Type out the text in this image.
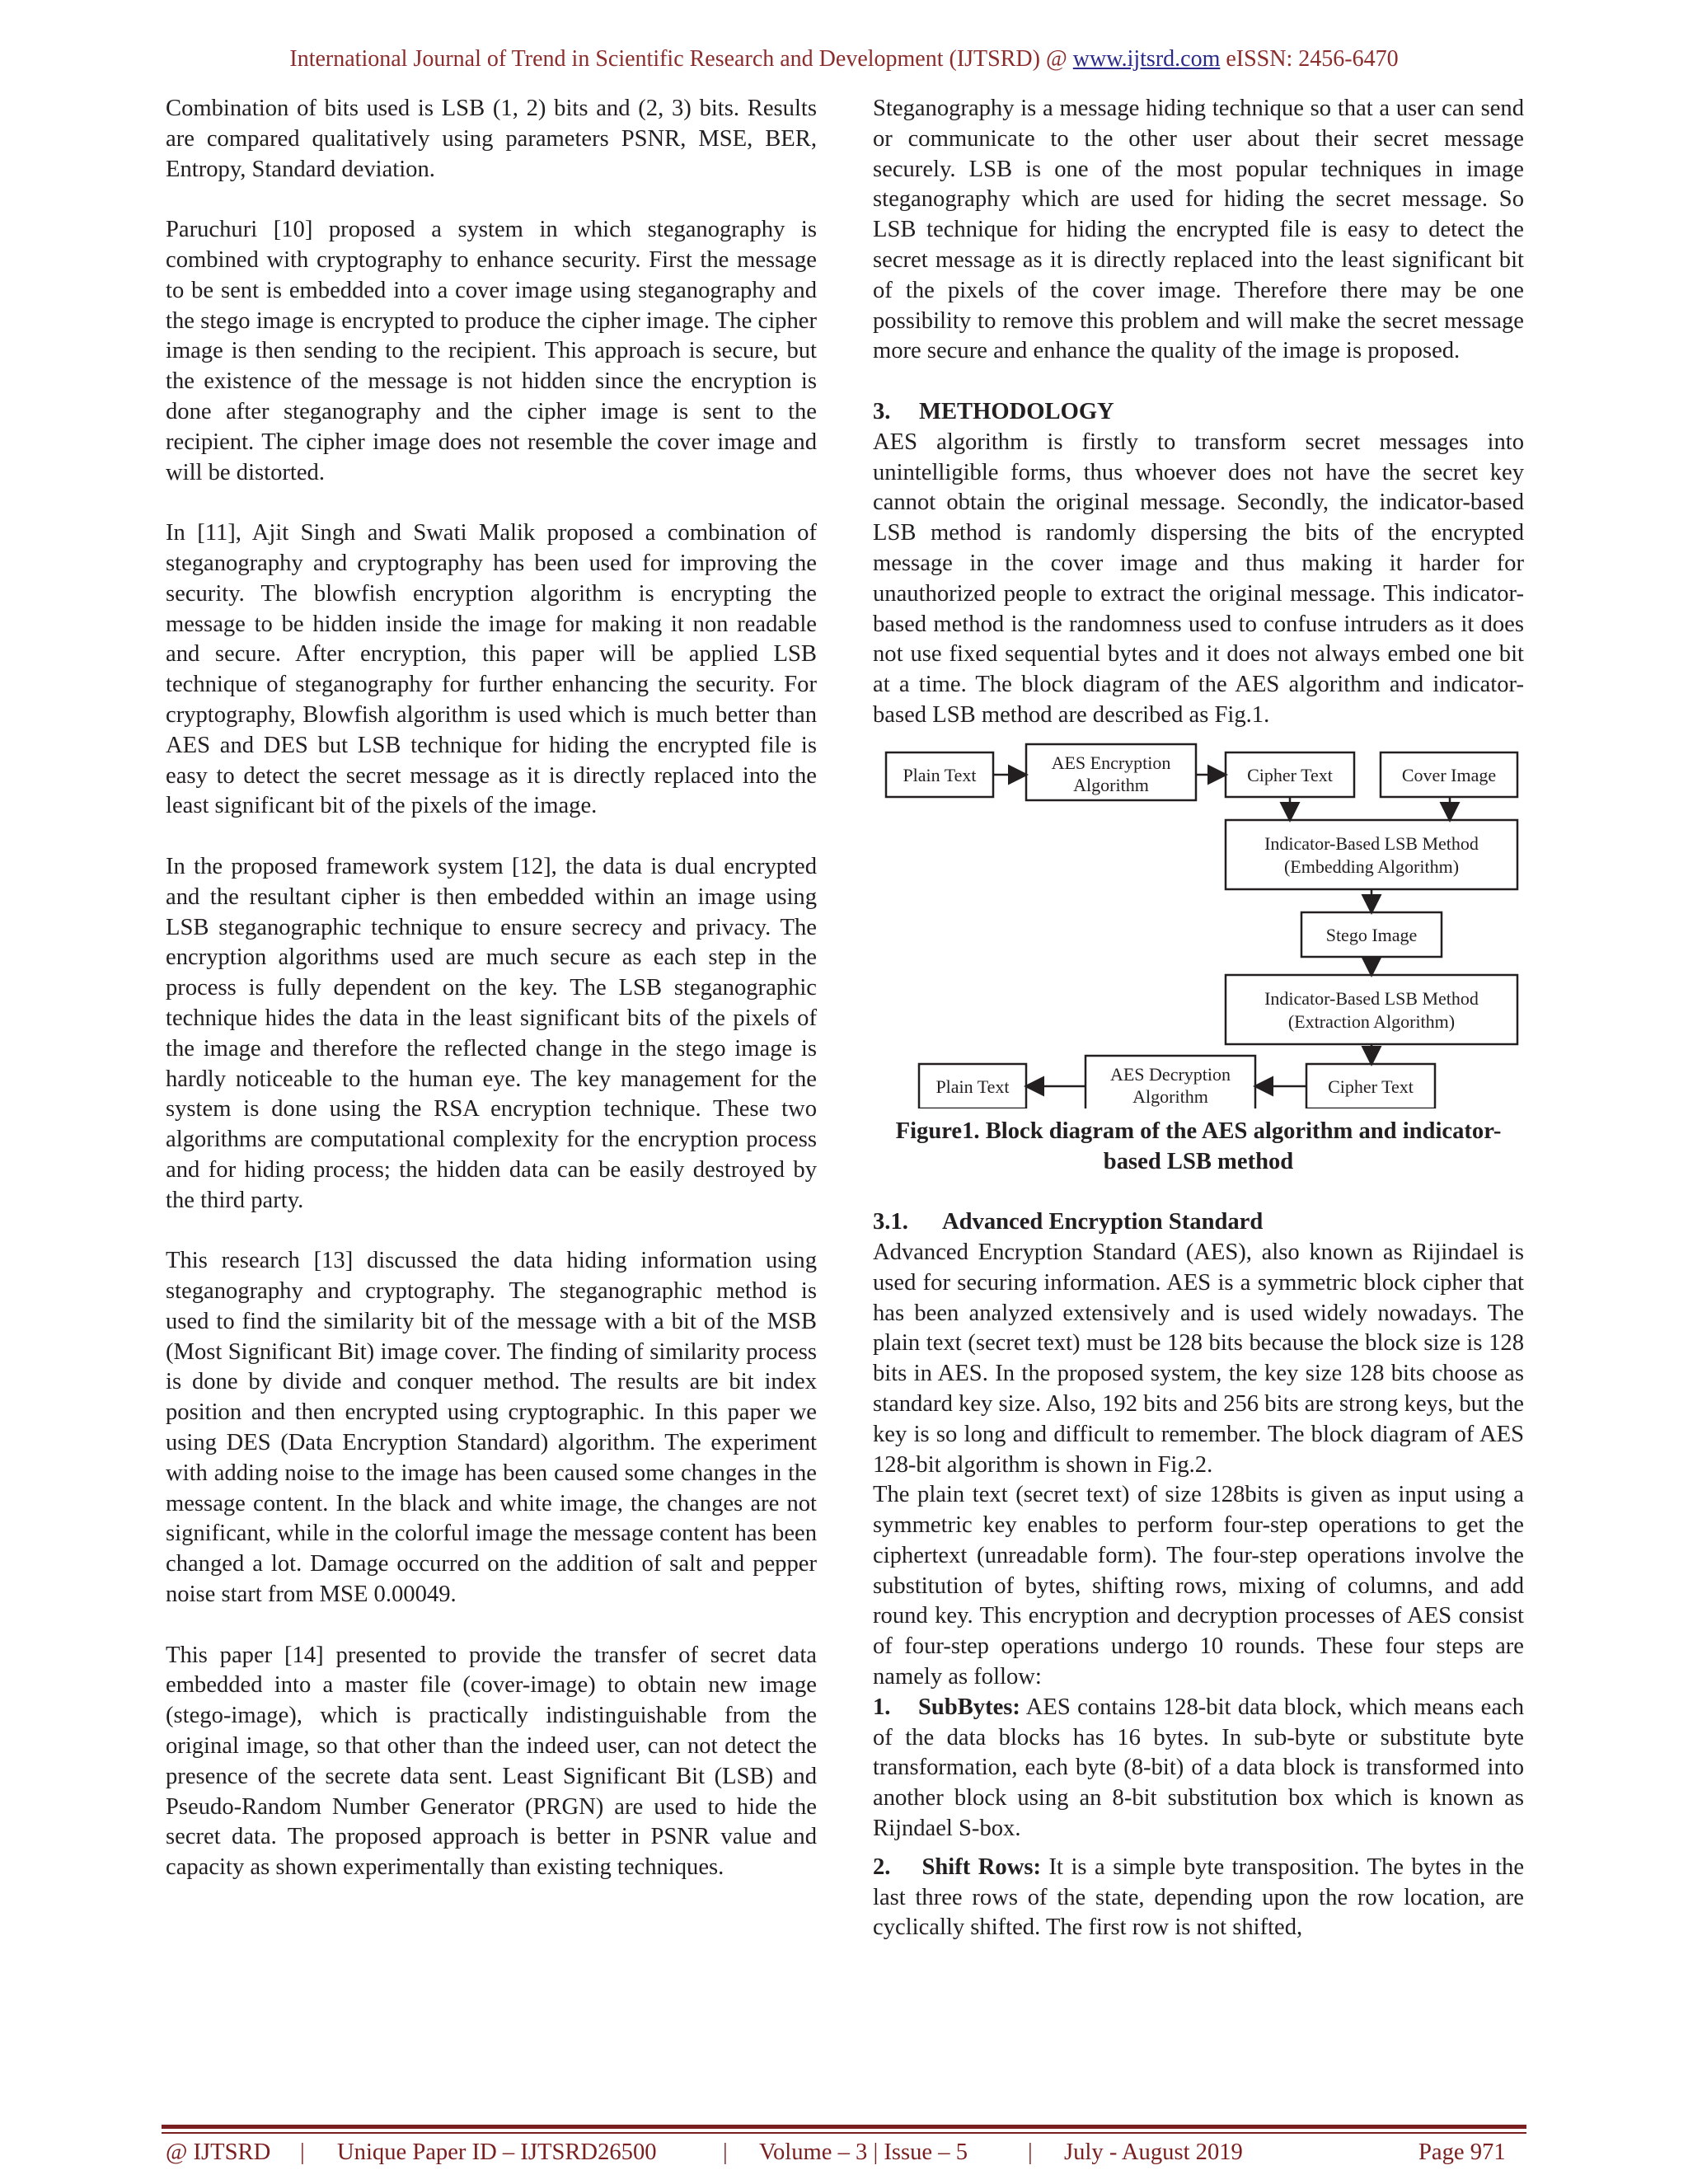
International Journal of Trend in Scientific Research and Development (IJTSRD) @ www.ijtsrd.com eISSN: 2456-6470

Combination of bits used is LSB (1, 2) bits and (2, 3) bits. Results are compared qualitatively using parameters PSNR, MSE, BER, Entropy, Standard deviation.

Paruchuri [10] proposed a system in which steganography is combined with cryptography to enhance security. First the message to be sent is embedded into a cover image using steganography and the stego image is encrypted to produce the cipher image. The cipher image is then sending to the recipient. This approach is secure, but the existence of the message is not hidden since the encryption is done after steganography and the cipher image is sent to the recipient. The cipher image does not resemble the cover image and will be distorted.

In [11], Ajit Singh and Swati Malik proposed a combination of steganography and cryptography has been used for improving the security. The blowfish encryption algorithm is encrypting the message to be hidden inside the image for making it non readable and secure. After encryption, this paper will be applied LSB technique of steganography for further enhancing the security. For cryptography, Blowfish algorithm is used which is much better than AES and DES but LSB technique for hiding the encrypted file is easy to detect the secret message as it is directly replaced into the least significant bit of the pixels of the image.

In the proposed framework system [12], the data is dual encrypted and the resultant cipher is then embedded within an image using LSB steganographic technique to ensure secrecy and privacy. The encryption algorithms used are much secure as each step in the process is fully dependent on the key. The LSB steganographic technique hides the data in the least significant bits of the pixels of the image and therefore the reflected change in the stego image is hardly noticeable to the human eye. The key management for the system is done using the RSA encryption technique. These two algorithms are computational complexity for the encryption process and for hiding process; the hidden data can be easily destroyed by the third party.

This research [13] discussed the data hiding information using steganography and cryptography. The steganographic method is used to find the similarity bit of the message with a bit of the MSB (Most Significant Bit) image cover. The finding of similarity process is done by divide and conquer method. The results are bit index position and then encrypted using cryptographic. In this paper we using DES (Data Encryption Standard) algorithm. The experiment with adding noise to the image has been caused some changes in the message content. In the black and white image, the changes are not significant, while in the colorful image the message content has been changed a lot. Damage occurred on the addition of salt and pepper noise start from MSE 0.00049.

This paper [14] presented to provide the transfer of secret data embedded into a master file (cover-image) to obtain new image (stego-image), which is practically indistinguishable from the original image, so that other than the indeed user, can not detect the presence of the secrete data sent. Least Significant Bit (LSB) and Pseudo-Random Number Generator (PRGN) are used to hide the secret data. The proposed approach is better in PSNR value and capacity as shown experimentally than existing techniques.

Steganography is a message hiding technique so that a user can send or communicate to the other user about their secret message securely. LSB is one of the most popular techniques in image steganography which are used for hiding the secret message. So LSB technique for hiding the encrypted file is easy to detect the secret message as it is directly replaced into the least significant bit of the pixels of the cover image. Therefore there may be one possibility to remove this problem and will make the secret message more secure and enhance the quality of the image is proposed.

3. METHODOLOGY

AES algorithm is firstly to transform secret messages into unintelligible forms, thus whoever does not have the secret key cannot obtain the original message. Secondly, the indicator-based LSB method is randomly dispersing the bits of the encrypted message in the cover image and thus making it harder for unauthorized people to extract the original message. This indicator-based method is the randomness used to confuse intruders as it does not use fixed sequential bytes and it does not always embed one bit at a time. The block diagram of the AES algorithm and indicator-based LSB method are described as Fig.1.

Plain Text
AES Encryption
Algorithm	Cipher Text	Cover Image
Indicator-Based LSB Method
(Embedding Algorithm)
Stego Image
Indicator-Based LSB Method
(Extraction Algorithm)
Cipher Text
AES Decryption
Algorithm
Plain Text
Figure1. Block diagram of the AES algorithm and indicator-based LSB method
3.1. Advanced Encryption Standard

Advanced Encryption Standard (AES), also known as Rijindael is used for securing information. AES is a symmetric block cipher that has been analyzed extensively and is used widely nowadays. The plain text (secret text) must be 128 bits because the block size is 128 bits in AES. In the proposed system, the key size 128 bits choose as standard key size. Also, 192 bits and 256 bits are strong keys, but the key is so long and difficult to remember. The block diagram of AES 128-bit algorithm is shown in Fig.2.

The plain text (secret text) of size 128bits is given as input using a symmetric key enables to perform four-step operations to get the ciphertext (unreadable form). The four-step operations involve the substitution of bytes, shifting rows, mixing of columns, and add round key. This encryption and decryption processes of AES consist of four-step operations undergo 10 rounds. These four steps are namely as follow:

1. SubBytes: AES contains 128-bit data block, which means each of the data blocks has 16 bytes. In sub-byte or substitute byte transformation, each byte (8-bit) of a data block is transformed into another block using an 8-bit substitution box which is known as Rijndael S-box.

2. Shift Rows: It is a simple byte transposition. The bytes in the last three rows of the state, depending upon the row location, are cyclically shifted. The first row is not shifted,

@ IJTSRD | Unique Paper ID – IJTSRD26500	| Volume – 3 | Issue – 5	| July - August 2019	Page 971
